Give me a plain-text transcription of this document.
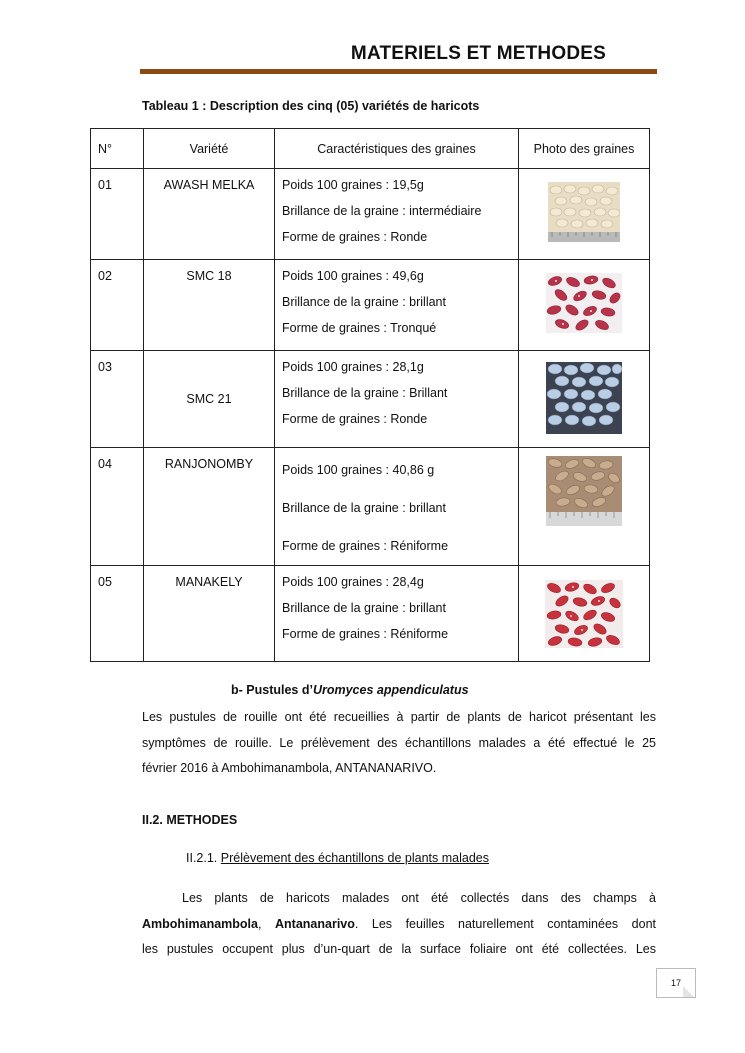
MATERIELS ET METHODES
Tableau 1 : Description des cinq (05) variétés de haricots
N°	Variété	Caractéristiques des graines	Photo des graines

01	AWASH MELKA	Poids 100 graines : 19,5g
Brillance de la graine : intermédiaire
Forme de graines : Ronde

02	SMC 18	Poids 100 graines : 49,6g
Brillance de la graine : brillant
Forme de graines : Tronqué

03	SMC 21	Poids 100 graines : 28,1g
Brillance de la graine : Brillant
Forme de graines : Ronde

04	RANJONOMBY	Poids 100 graines : 40,86 g
Brillance de la graine : brillant
Forme de graines : Réniforme

05	MANAKELY	Poids 100 graines : 28,4g
Brillance de la graine : brillant
Forme de graines : Réniforme

b- Pustules d’Uromyces appendiculatus
Les pustules de rouille ont été recueillies à partir de plants de haricot présentant les
symptômes de rouille. Le prélèvement des échantillons malades a été effectué le 25
février 2016 à Ambohimanambola, ANTANANARIVO.
II.2. METHODES
II.2.1. Prélèvement des échantillons de plants malades
Les plants de haricots malades ont été collectés dans des champs à
Ambohimanambola, Antananarivo. Les feuilles naturellement contaminées dont
les pustules occupent plus d’un-quart de la surface foliaire ont été collectées. Les
17
